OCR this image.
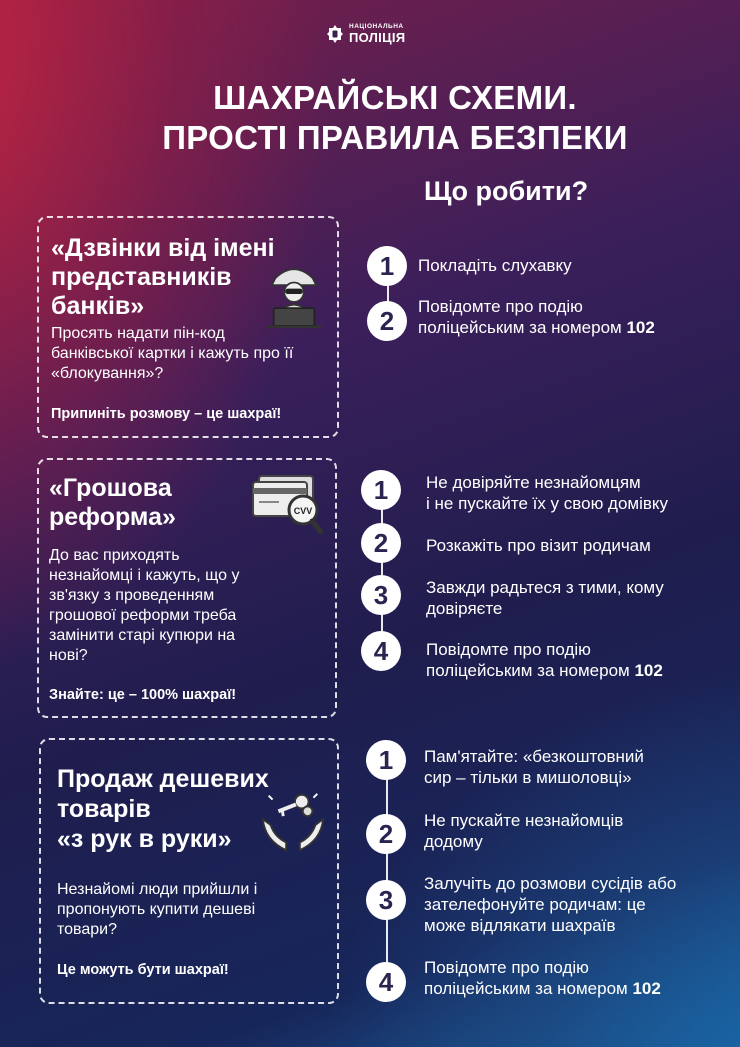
НАЦІОНАЛЬНА
ПОЛІЦІЯ
ШАХРАЙСЬКІ СХЕМИ.
ПРОСТІ ПРАВИЛА БЕЗПЕКИ
Що робити?
«Дзвінки від імені
представників
банків»

Просять надати пін-код
банківської картки і кажуть про її
«блокування»?

Припиніть розмову – це шахраї!
1	Покладіть слухавку
2	Повідомте про подію
поліцейським за номером 102
«Грошова
реформа»	CVV

До вас приходять
незнайомці і кажуть, що у
зв'язку з проведенням
грошової реформи треба
замінити старі купюри на
нові?

Знайте: це – 100% шахраї!
1	Не довіряйте незнайомцям
і не пускайте їх у свою домівку
2	Розкажіть про візит родичам
3	Завжди радьтеся з тими, кому
довіряєте
4	Повідомте про подію
поліцейським за номером 102
Продаж дешевих
товарів
«з рук в руки»

Незнайомі люди прийшли і
пропонують купити дешеві
товари?

Це можуть бути шахраї!
1	Пам'ятайте: «безкоштовний
сир – тільки в мишоловці»
2	Не пускайте незнайомців
додому
3
Залучіть до розмови сусідів або
зателефонуйте родичам: це
може відлякати шахраїв
4	Повідомте про подію
поліцейським за номером 102
